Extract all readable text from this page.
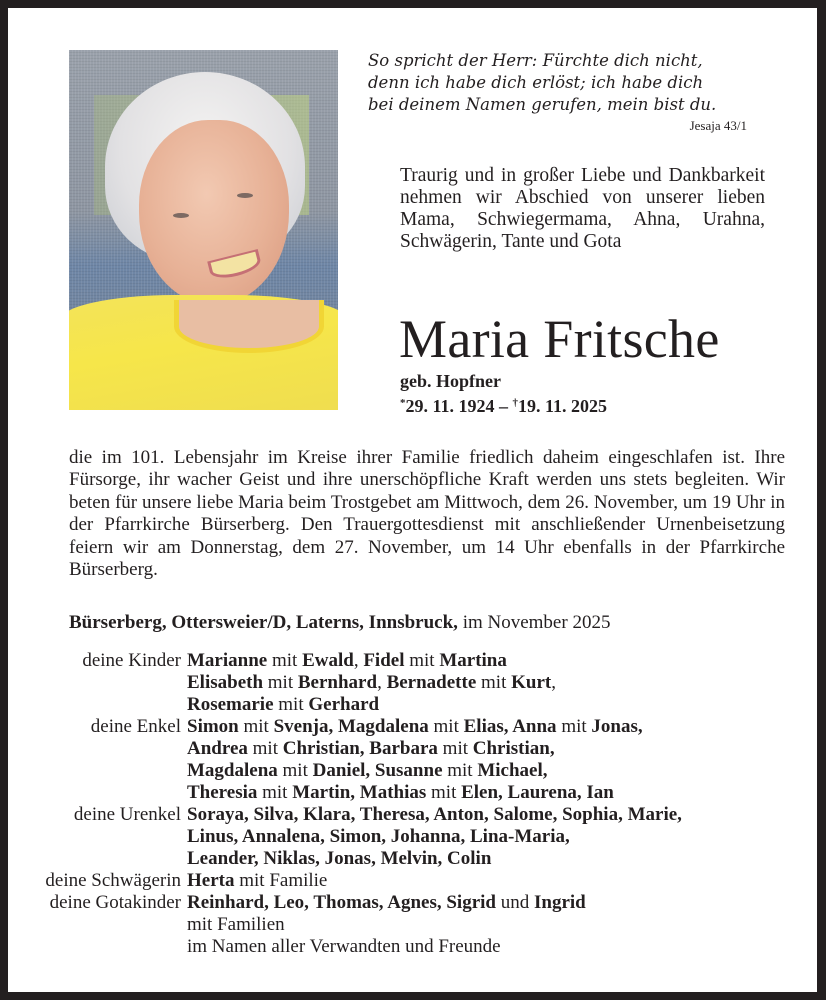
So spricht der Herr: Fürchte dich nicht,
denn ich habe dich erlöst; ich habe dich
bei deinem Namen gerufen, mein bist du.
Jesaja 43/1
Traurig und in großer Liebe und Dankbarkeit nehmen wir Abschied von unserer lieben Mama, Schwiegermama, Ahna, Urahna, Schwägerin, Tante und Gota
Maria Fritsche
geb. Hopfner
*29. 11. 1924 – †19. 11. 2025
die im 101. Lebensjahr im Kreise ihrer Familie friedlich daheim eingeschlafen ist. Ihre Fürsorge, ihr wacher Geist und ihre unerschöpfliche Kraft werden uns stets begleiten. Wir beten für unsere liebe Maria beim Trostgebet am Mittwoch, dem 26. November, um 19 Uhr in der Pfarrkirche Bürserberg. Den Trauergottesdienst mit anschließender Urnenbeisetzung feiern wir am Donnerstag, dem 27. November, um 14 Uhr ebenfalls in der Pfarrkirche Bürserberg.
Bürserberg, Ottersweier/D, Laterns, Innsbruck, im November 2025
deine Kinder Marianne mit Ewald, Fidel mit Martina
Elisabeth mit Bernhard, Bernadette mit Kurt,
Rosemarie mit Gerhard
deine Enkel Simon mit Svenja, Magdalena mit Elias, Anna mit Jonas,
Andrea mit Christian, Barbara mit Christian,
Magdalena mit Daniel, Susanne mit Michael,
Theresia mit Martin, Mathias mit Elen, Laurena, Ian
deine Urenkel Soraya, Silva, Klara, Theresa, Anton, Salome, Sophia, Marie,
Linus, Annalena, Simon, Johanna, Lina-Maria,
Leander, Niklas, Jonas, Melvin, Colin
deine Schwägerin Herta mit Familie
deine Gotakinder Reinhard, Leo, Thomas, Agnes, Sigrid und Ingrid
mit Familien
im Namen aller Verwandten und Freunde
